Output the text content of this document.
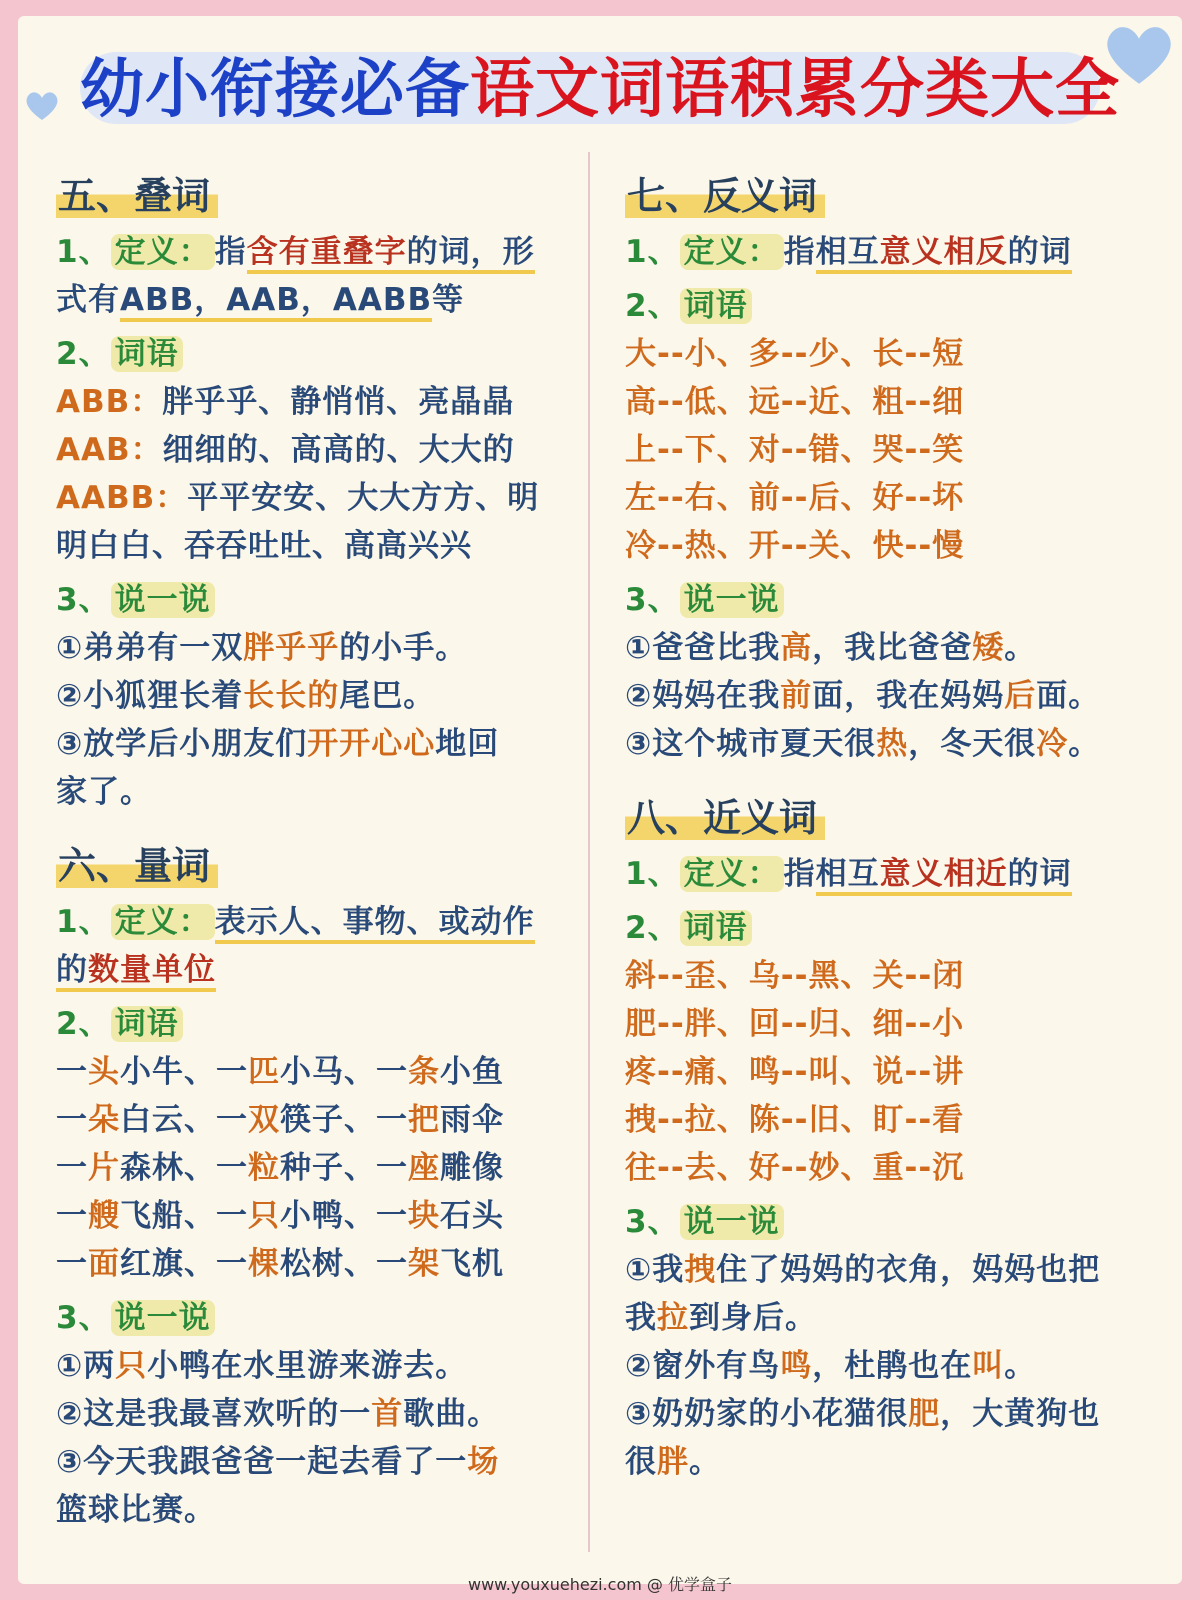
幼小衔接必备语文词语积累分类大全
五、叠词
1、 定义： 指含有重叠字的词，形
式有ABB，AAB，AABB等
2、 词语
ABB：胖乎乎、静悄悄、亮晶晶
AAB：细细的、高高的、大大的
AABB：平平安安、大大方方、明
明白白、吞吞吐吐、高高兴兴
3、 说一说
①弟弟有一双胖乎乎的小手。
②小狐狸长着长长的尾巴。
③放学后小朋友们开开心心地回
家了。
六、量词
1、 定义： 表示人、事物、或动作
的数量单位
2、 词语
一头小牛、一匹小马、一条小鱼
一朵白云、一双筷子、一把雨伞
一片森林、一粒种子、一座雕像
一艘飞船、一只小鸭、一块石头
一面红旗、一棵松树、一架飞机
3、 说一说
①两只小鸭在水里游来游去。
②这是我最喜欢听的一首歌曲。
③今天我跟爸爸一起去看了一场
篮球比赛。
七、反义词
1、 定义： 指相互意义相反的词
2、 词语
大--小、多--少、长--短
高--低、远--近、粗--细
上--下、对--错、哭--笑
左--右、前--后、好--坏
冷--热、开--关、快--慢
3、 说一说
①爸爸比我高，我比爸爸矮。
②妈妈在我前面，我在妈妈后面。
③这个城市夏天很热，冬天很冷。
八、近义词
1、 定义： 指相互意义相近的词
2、 词语
斜--歪、乌--黑、关--闭
肥--胖、回--归、细--小
疼--痛、鸣--叫、说--讲
拽--拉、陈--旧、盯--看
往--去、好--妙、重--沉
3、 说一说
①我拽住了妈妈的衣角，妈妈也把
我拉到身后。
②窗外有鸟鸣，杜鹃也在叫。
③奶奶家的小花猫很肥，大黄狗也
很胖。
www.youxuehezi.com @ 优学盒子
